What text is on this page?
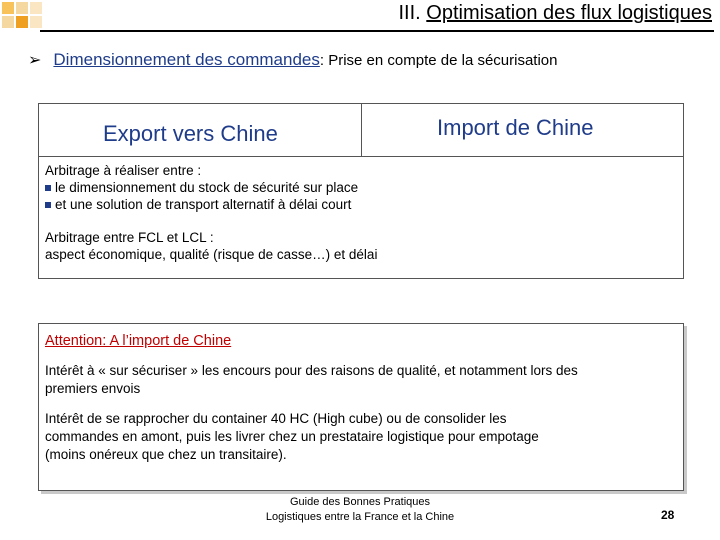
III. Optimisation des flux logistiques
➢ Dimensionnement des commandes : Prise en compte de la sécurisation
Export vers Chine	Import de Chine
Arbitrage à réaliser entre :
le dimensionnement du stock de sécurité sur place
et une solution de transport alternatif à délai court
Arbitrage entre FCL et LCL :
aspect économique, qualité (risque de casse…) et délai
Attention: A l’import de Chine
Intérêt à « sur sécuriser » les encours pour des raisons de qualité, et notamment lors des
premiers envois
Intérêt de se rapprocher du container 40 HC (High cube) ou de consolider les
commandes en amont, puis les livrer chez un prestataire logistique pour empotage
(moins onéreux que chez un transitaire).
Guide des Bonnes Pratiques
Logistiques entre la France et la Chine	28
